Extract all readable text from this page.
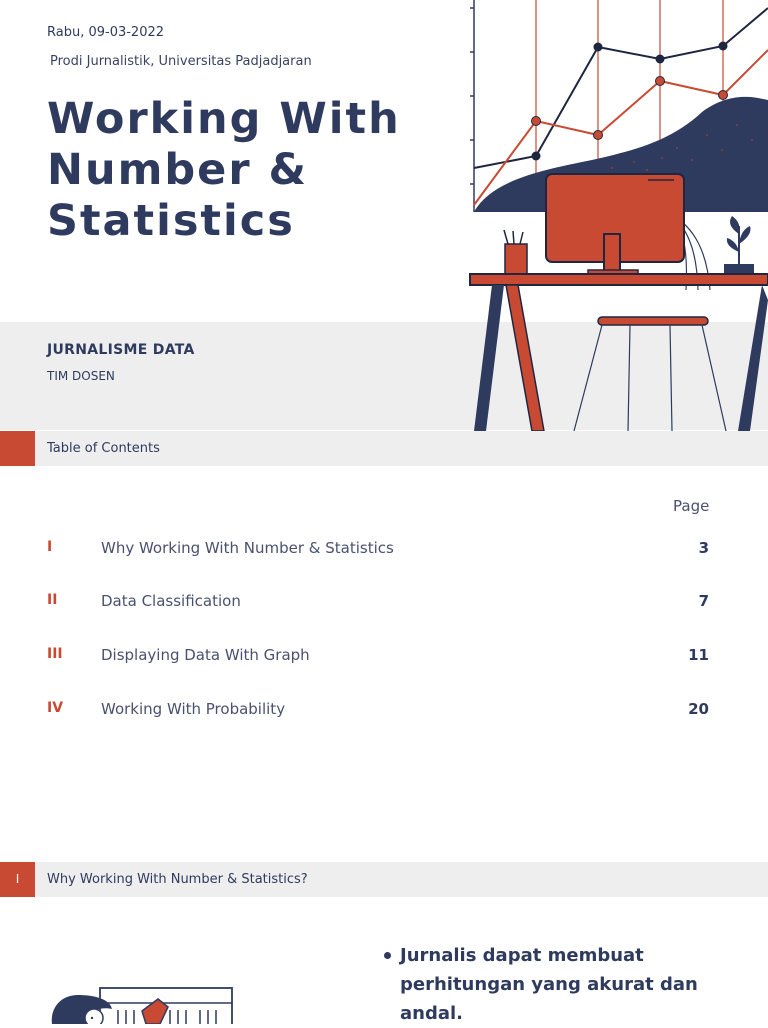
Rabu, 09-03-2022
Prodi Jurnalistik, Universitas Padjadjaran
Working With Number & Statistics
JURNALISME DATA
TIM DOSEN
Table of Contents
Page
I	Why Working With Number & Statistics	3
II	Data Classification	7
III	Displaying Data With Graph	11
IV	Working With Probability	20
I	Why Working With Number & Statistics?
Jurnalis dapat membuat perhitungan yang akurat dan andal.
